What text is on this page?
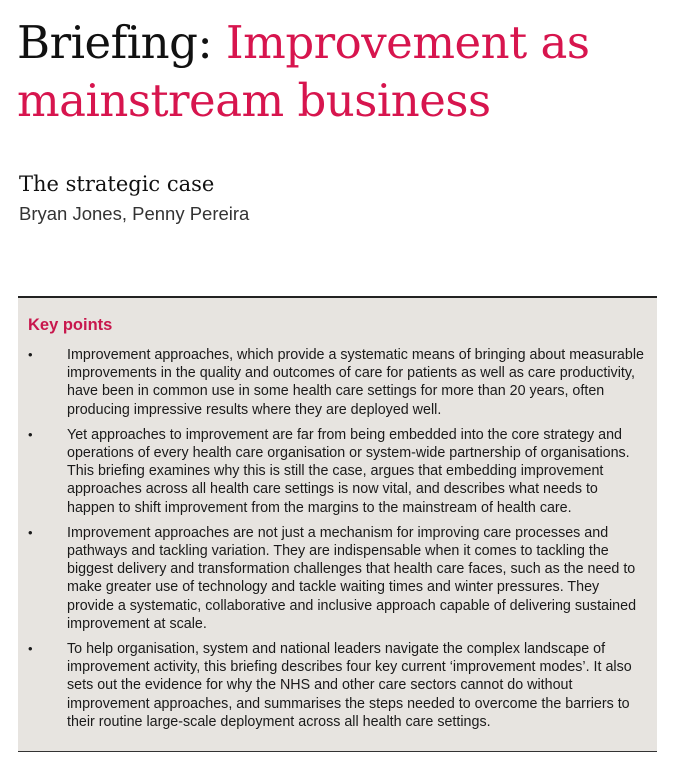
Briefing: Improvement as mainstream business
The strategic case
Bryan Jones, Penny Pereira
Key points
• Improvement approaches, which provide a systematic means of bringing about measurable improvements in the quality and outcomes of care for patients as well as care productivity, have been in common use in some health care settings for more than 20 years, often producing impressive results where they are deployed well.
• Yet approaches to improvement are far from being embedded into the core strategy and operations of every health care organisation or system-wide partnership of organisations. This briefing examines why this is still the case, argues that embedding improvement approaches across all health care settings is now vital, and describes what needs to happen to shift improvement from the margins to the mainstream of health care.
• Improvement approaches are not just a mechanism for improving care processes and pathways and tackling variation. They are indispensable when it comes to tackling the biggest delivery and transformation challenges that health care faces, such as the need to make greater use of technology and tackle waiting times and winter pressures. They provide a systematic, collaborative and inclusive approach capable of delivering sustained improvement at scale.
• To help organisation, system and national leaders navigate the complex landscape of improvement activity, this briefing describes four key current ‘improvement modes’. It also sets out the evidence for why the NHS and other care sectors cannot do without improvement approaches, and summarises the steps needed to overcome the barriers to their routine large-scale deployment across all health care settings.
